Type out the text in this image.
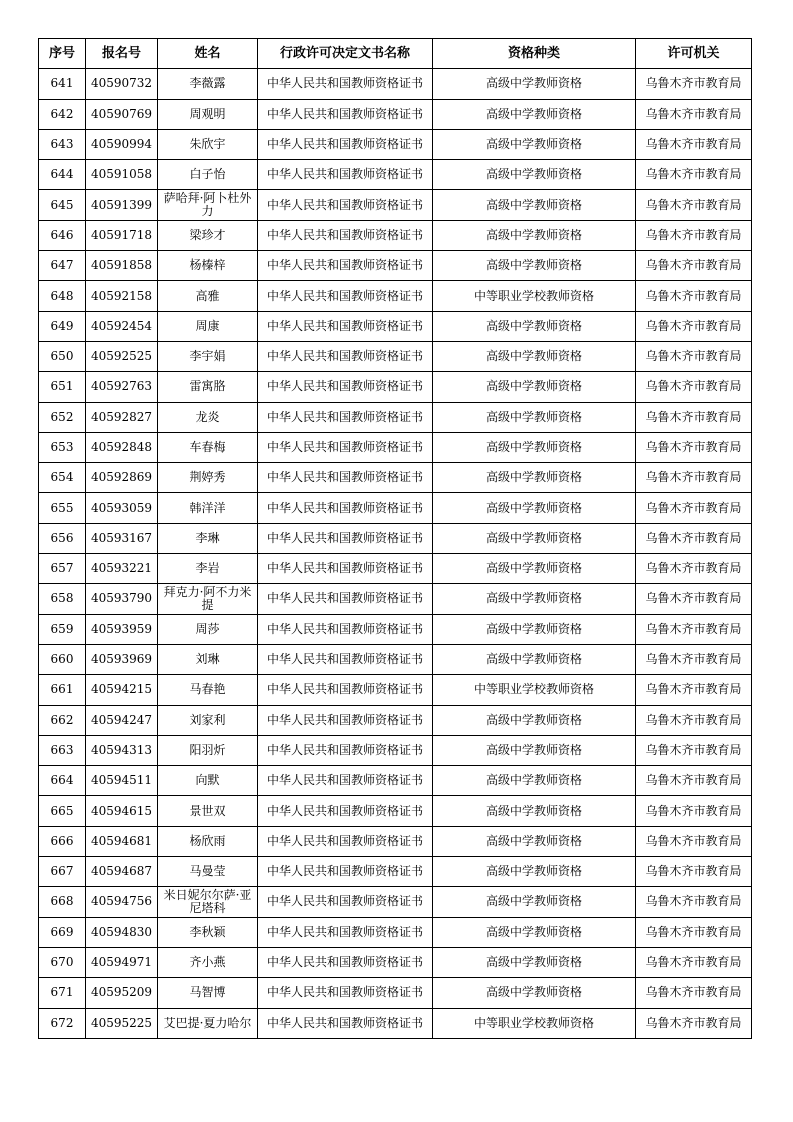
序号	报名号	姓名	行政许可决定文书名称	资格种类	许可机关
641	40590732	李薇露	中华人民共和国教师资格证书	高级中学教师资格	乌鲁木齐市教育局
642	40590769	周观明	中华人民共和国教师资格证书	高级中学教师资格	乌鲁木齐市教育局
643	40590994	朱欣宇	中华人民共和国教师资格证书	高级中学教师资格	乌鲁木齐市教育局
644	40591058	白子怡	中华人民共和国教师资格证书	高级中学教师资格	乌鲁木齐市教育局
645	40591399	萨哈拜·阿卜杜外力	中华人民共和国教师资格证书	高级中学教师资格	乌鲁木齐市教育局
646	40591718	梁珍才	中华人民共和国教师资格证书	高级中学教师资格	乌鲁木齐市教育局
647	40591858	杨榛梓	中华人民共和国教师资格证书	高级中学教师资格	乌鲁木齐市教育局
648	40592158	高雅	中华人民共和国教师资格证书	中等职业学校教师资格	乌鲁木齐市教育局
649	40592454	周康	中华人民共和国教师资格证书	高级中学教师资格	乌鲁木齐市教育局
650	40592525	李宇娟	中华人民共和国教师资格证书	高级中学教师资格	乌鲁木齐市教育局
651	40592763	雷寓胳	中华人民共和国教师资格证书	高级中学教师资格	乌鲁木齐市教育局
652	40592827	龙炎	中华人民共和国教师资格证书	高级中学教师资格	乌鲁木齐市教育局
653	40592848	车春梅	中华人民共和国教师资格证书	高级中学教师资格	乌鲁木齐市教育局
654	40592869	荆婷秀	中华人民共和国教师资格证书	高级中学教师资格	乌鲁木齐市教育局
655	40593059	韩洋洋	中华人民共和国教师资格证书	高级中学教师资格	乌鲁木齐市教育局
656	40593167	李琳	中华人民共和国教师资格证书	高级中学教师资格	乌鲁木齐市教育局
657	40593221	李岩	中华人民共和国教师资格证书	高级中学教师资格	乌鲁木齐市教育局
658	40593790	拜克力·阿不力米提	中华人民共和国教师资格证书	高级中学教师资格	乌鲁木齐市教育局
659	40593959	周莎	中华人民共和国教师资格证书	高级中学教师资格	乌鲁木齐市教育局
660	40593969	刘琳	中华人民共和国教师资格证书	高级中学教师资格	乌鲁木齐市教育局
661	40594215	马春艳	中华人民共和国教师资格证书	中等职业学校教师资格	乌鲁木齐市教育局
662	40594247	刘家利	中华人民共和国教师资格证书	高级中学教师资格	乌鲁木齐市教育局
663	40594313	阳羽炘	中华人民共和国教师资格证书	高级中学教师资格	乌鲁木齐市教育局
664	40594511	向默	中华人民共和国教师资格证书	高级中学教师资格	乌鲁木齐市教育局
665	40594615	景世双	中华人民共和国教师资格证书	高级中学教师资格	乌鲁木齐市教育局
666	40594681	杨欣雨	中华人民共和国教师资格证书	高级中学教师资格	乌鲁木齐市教育局
667	40594687	马曼莹	中华人民共和国教师资格证书	高级中学教师资格	乌鲁木齐市教育局
668	40594756	米日妮尔尔萨·亚尼塔科	中华人民共和国教师资格证书	高级中学教师资格	乌鲁木齐市教育局
669	40594830	李秋颖	中华人民共和国教师资格证书	高级中学教师资格	乌鲁木齐市教育局
670	40594971	齐小燕	中华人民共和国教师资格证书	高级中学教师资格	乌鲁木齐市教育局
671	40595209	马智博	中华人民共和国教师资格证书	高级中学教师资格	乌鲁木齐市教育局
672	40595225	艾巴提·夏力哈尔	中华人民共和国教师资格证书	中等职业学校教师资格	乌鲁木齐市教育局
